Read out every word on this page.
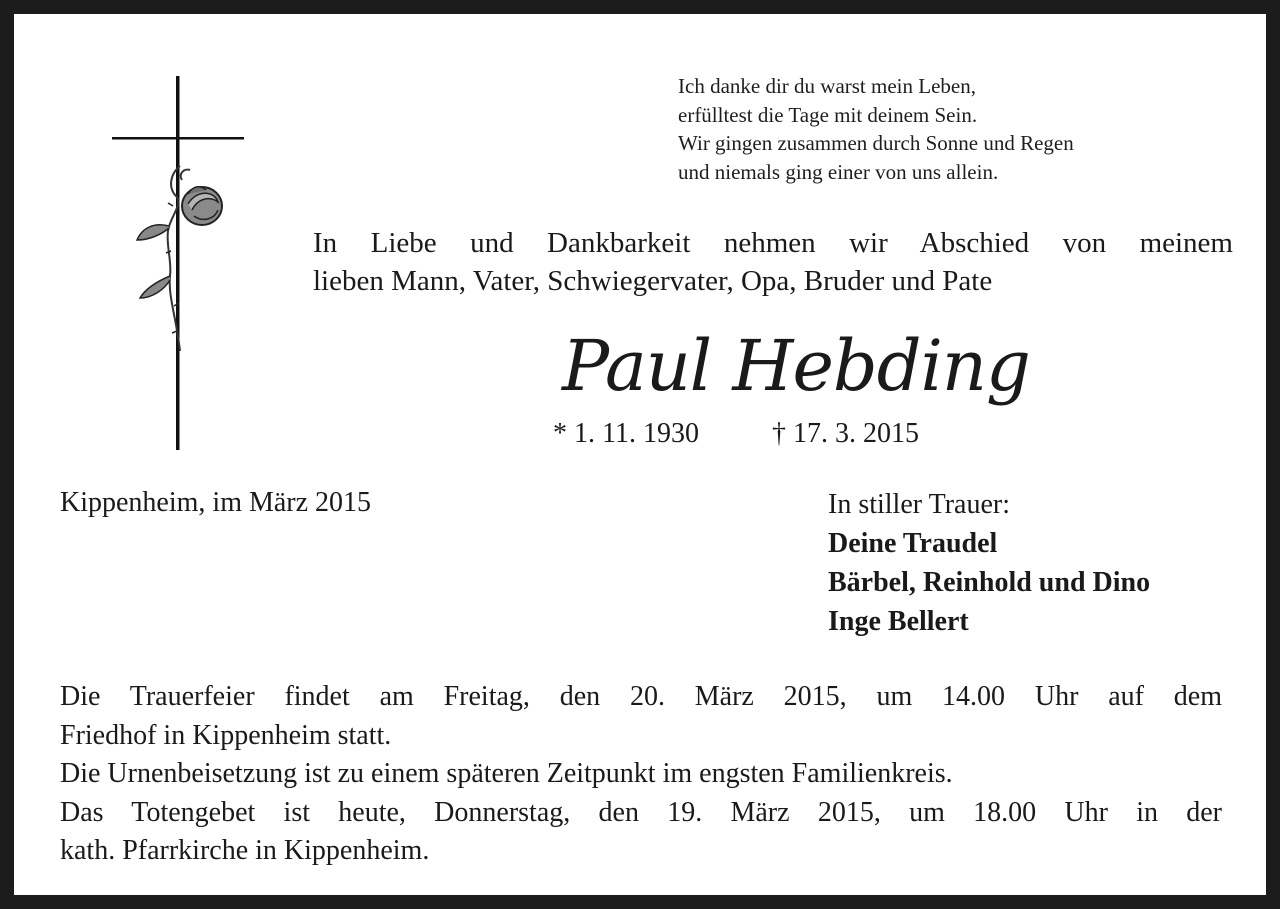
Ich danke dir du warst mein Leben,
erfülltest die Tage mit deinem Sein.
Wir gingen zusammen durch Sonne und Regen
und niemals ging einer von uns allein.
In Liebe und Dankbarkeit nehmen wir Abschied von meinem
lieben Mann, Vater, Schwiegervater, Opa, Bruder und Pate
Paul Hebding
* 1. 11. 1930	† 17. 3. 2015
Kippenheim, im März 2015	In stiller Trauer:
Deine Traudel
Bärbel, Reinhold und Dino
Inge Bellert
Die Trauerfeier findet am Freitag, den 20. März 2015, um 14.00 Uhr auf dem
Friedhof in Kippenheim statt.
Die Urnenbeisetzung ist zu einem späteren Zeitpunkt im engsten Familienkreis.
Das Totengebet ist heute, Donnerstag, den 19. März 2015, um 18.00 Uhr in der
kath. Pfarrkirche in Kippenheim.
